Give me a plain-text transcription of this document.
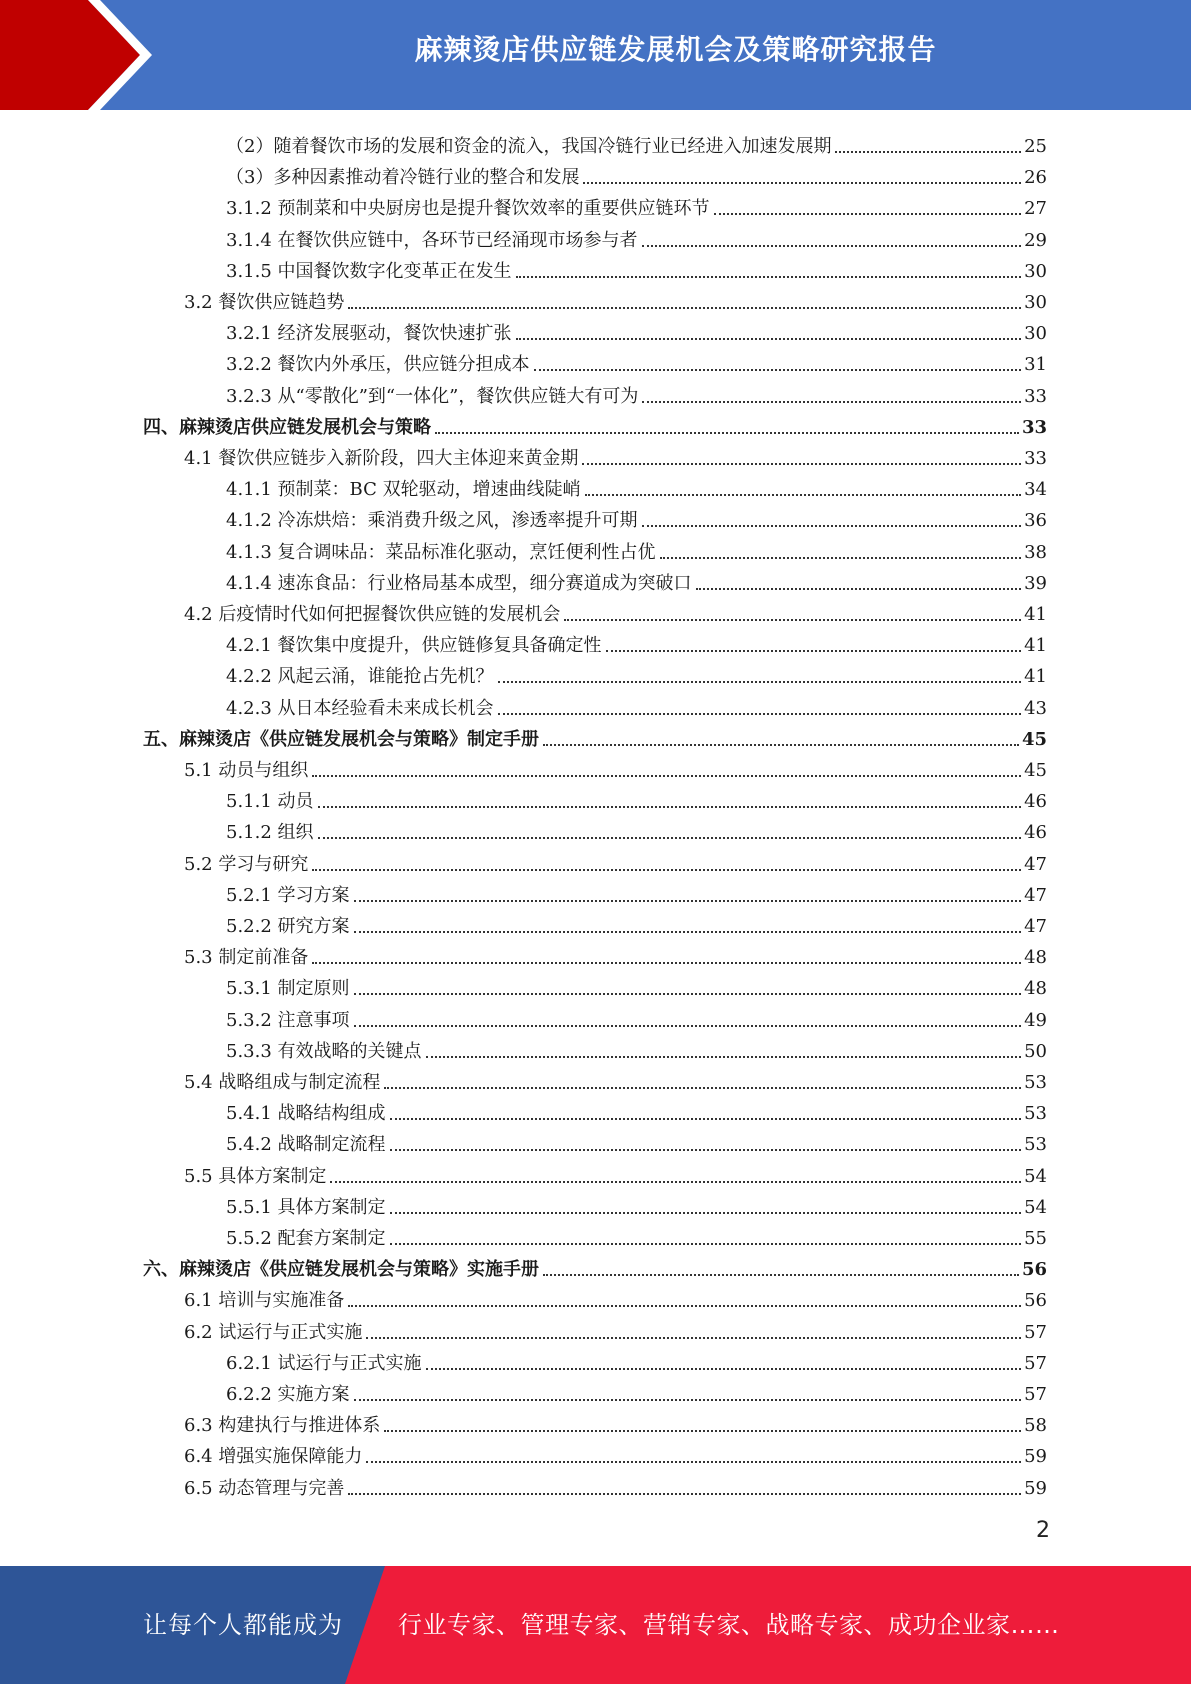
麻辣烫店供应链发展机会及策略研究报告
（2）随着餐饮市场的发展和资金的流入，我国冷链行业已经进入加速发展期	25
（3）多种因素推动着冷链行业的整合和发展	26
3.1.2 预制菜和中央厨房也是提升餐饮效率的重要供应链环节	27
3.1.4 在餐饮供应链中，各环节已经涌现市场参与者	29
3.1.5 中国餐饮数字化变革正在发生	30
3.2 餐饮供应链趋势	30
3.2.1 经济发展驱动，餐饮快速扩张	30
3.2.2 餐饮内外承压，供应链分担成本	31
3.2.3 从“零散化”到“一体化”，餐饮供应链大有可为	33
四、麻辣烫店供应链发展机会与策略	33
4.1 餐饮供应链步入新阶段，四大主体迎来黄金期	33
4.1.1 预制菜：BC 双轮驱动，增速曲线陡峭	34
4.1.2 冷冻烘焙：乘消费升级之风，渗透率提升可期	36
4.1.3 复合调味品：菜品标准化驱动，烹饪便利性占优	38
4.1.4 速冻食品：行业格局基本成型，细分赛道成为突破口	39
4.2 后疫情时代如何把握餐饮供应链的发展机会	41
4.2.1 餐饮集中度提升，供应链修复具备确定性	41
4.2.2 风起云涌，谁能抢占先机？	41
4.2.3 从日本经验看未来成长机会	43
五、麻辣烫店《供应链发展机会与策略》制定手册	45
5.1 动员与组织	45
5.1.1 动员	46
5.1.2 组织	46
5.2 学习与研究	47
5.2.1 学习方案	47
5.2.2 研究方案	47
5.3 制定前准备	48
5.3.1 制定原则	48
5.3.2 注意事项	49
5.3.3 有效战略的关键点	50
5.4 战略组成与制定流程	53
5.4.1 战略结构组成	53
5.4.2 战略制定流程	53
5.5 具体方案制定	54
5.5.1 具体方案制定	54
5.5.2 配套方案制定	55
六、麻辣烫店《供应链发展机会与策略》实施手册	56
6.1 培训与实施准备	56
6.2 试运行与正式实施	57
6.2.1 试运行与正式实施	57
6.2.2 实施方案	57
6.3 构建执行与推进体系	58
6.4 增强实施保障能力	59
6.5 动态管理与完善	59
2
让每个人都能成为 行业专家、管理专家、营销专家、战略专家、成功企业家……
